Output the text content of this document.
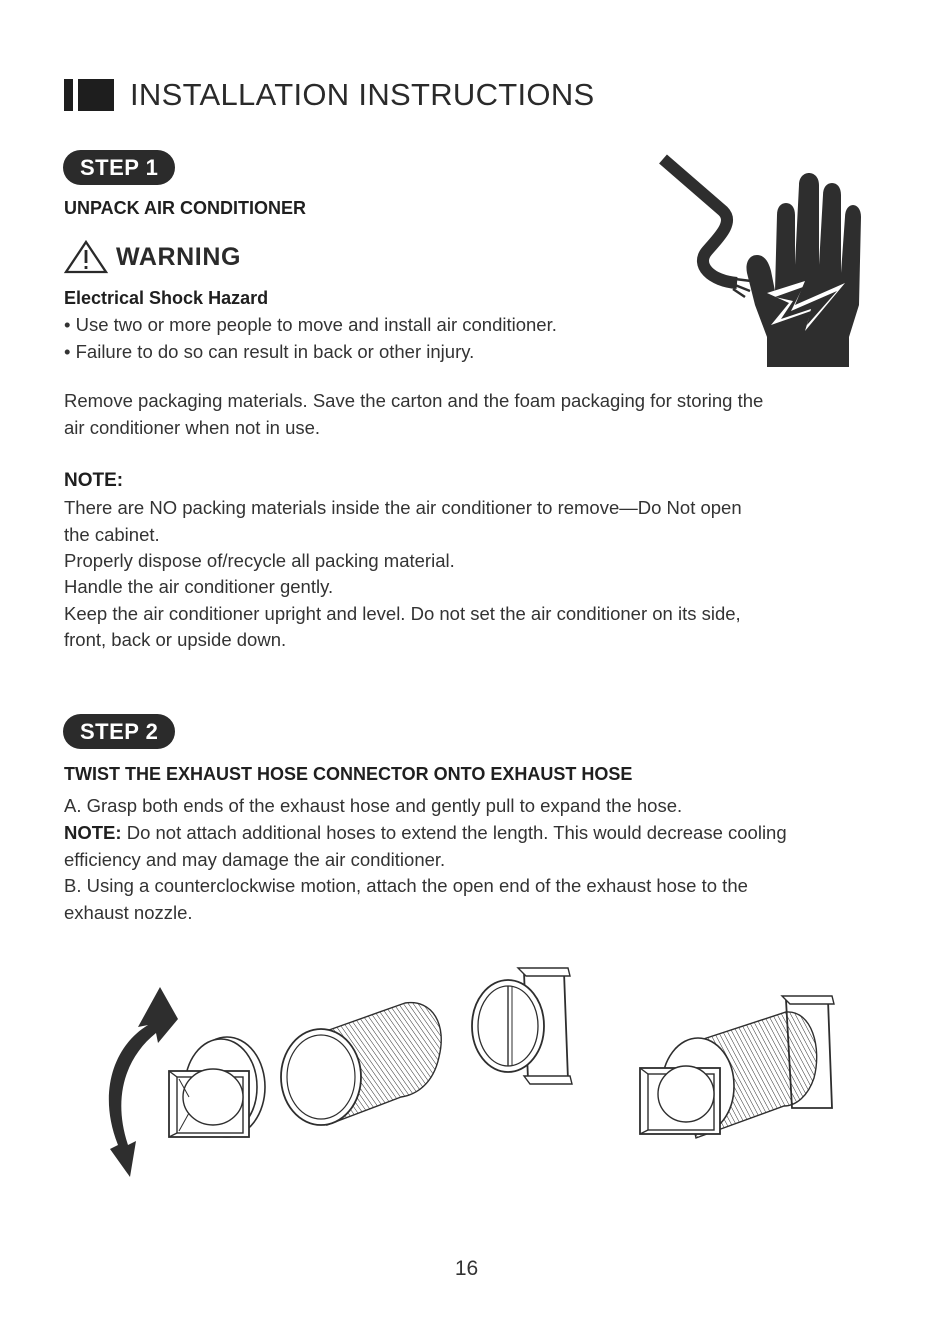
INSTALLATION INSTRUCTIONS
STEP 1
UNPACK AIR CONDITIONER
WARNING
Electrical Shock Hazard
• Use two or more people to move and install air conditioner.
• Failure to do so can result in back or other injury.
Remove packaging materials. Save the carton and the foam packaging for storing the
air conditioner when not in use.
NOTE:
There are NO packing materials inside the air conditioner to remove—Do Not open
the cabinet.
Properly dispose of/recycle all packing material.
Handle the air conditioner gently.
Keep the air conditioner upright and level. Do not set the air conditioner on its side,
front, back or upside down.
STEP 2
TWIST THE EXHAUST HOSE CONNECTOR ONTO EXHAUST HOSE
A. Grasp both ends of the exhaust hose and gently pull to expand the hose.
NOTE: Do not attach additional hoses to extend the length. This would decrease cooling
efficiency and may damage the air conditioner.
B. Using a counterclockwise motion, attach the open end of the exhaust hose to the
exhaust nozzle.
16
